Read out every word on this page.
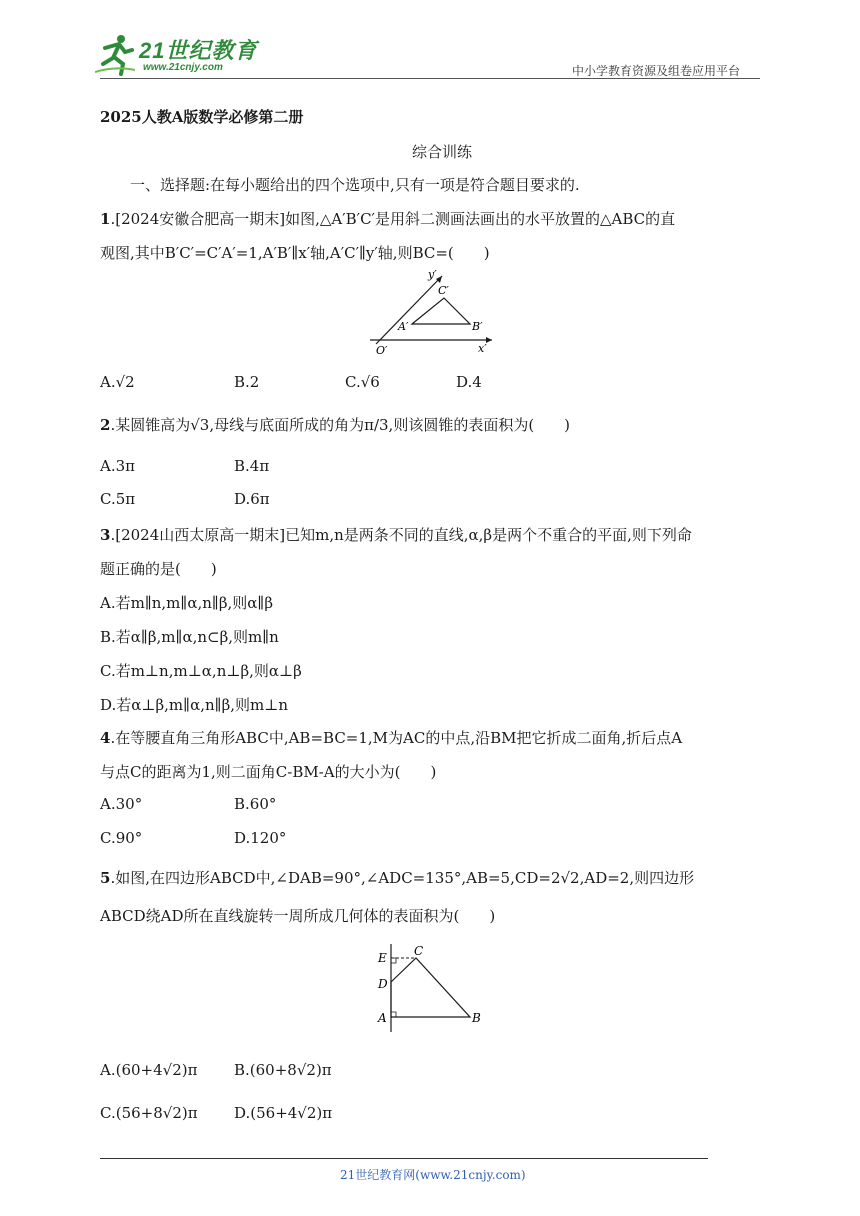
21世纪教育
www.21cnjy.com	中小学教育资源及组卷应用平台
2025人教A版数学必修第二册
综合训练
一、选择题:在每小题给出的四个选项中,只有一项是符合题目要求的.
1.[2024安徽合肥高一期末]如图,△A′B′C′是用斜二测画法画出的水平放置的△ABC的直
观图,其中B′C′=C′A′=1,A′B′∥x′轴,A′C′∥y′轴,则BC=(　　)
y′
C′
A′	B′
O′	x′
A.√2	B.2	C.√6	D.4
2.某圆锥高为√3,母线与底面所成的角为π/3,则该圆锥的表面积为(　　)
A.3π	B.4π
C.5π	D.6π
3.[2024山西太原高一期末]已知m,n是两条不同的直线,α,β是两个不重合的平面,则下列命
题正确的是(　　)
A.若m∥n,m∥α,n∥β,则α∥β
B.若α∥β,m∥α,n⊂β,则m∥n
C.若m⊥n,m⊥α,n⊥β,则α⊥β
D.若α⊥β,m∥α,n∥β,则m⊥n
4.在等腰直角三角形ABC中,AB=BC=1,M为AC的中点,沿BM把它折成二面角,折后点A
与点C的距离为1,则二面角C-BM-A的大小为(　　)
A.30°	B.60°
C.90°	D.120°
5.如图,在四边形ABCD中,∠DAB=90°,∠ADC=135°,AB=5,CD=2√2,AD=2,则四边形
ABCD绕AD所在直线旋转一周所成几何体的表面积为(　　)
E C
D
A	B
A.(60+4√2)π B.(60+8√2)π
C.(56+8√2)π D.(56+4√2)π
21世纪教育网(www.21cnjy.com)
